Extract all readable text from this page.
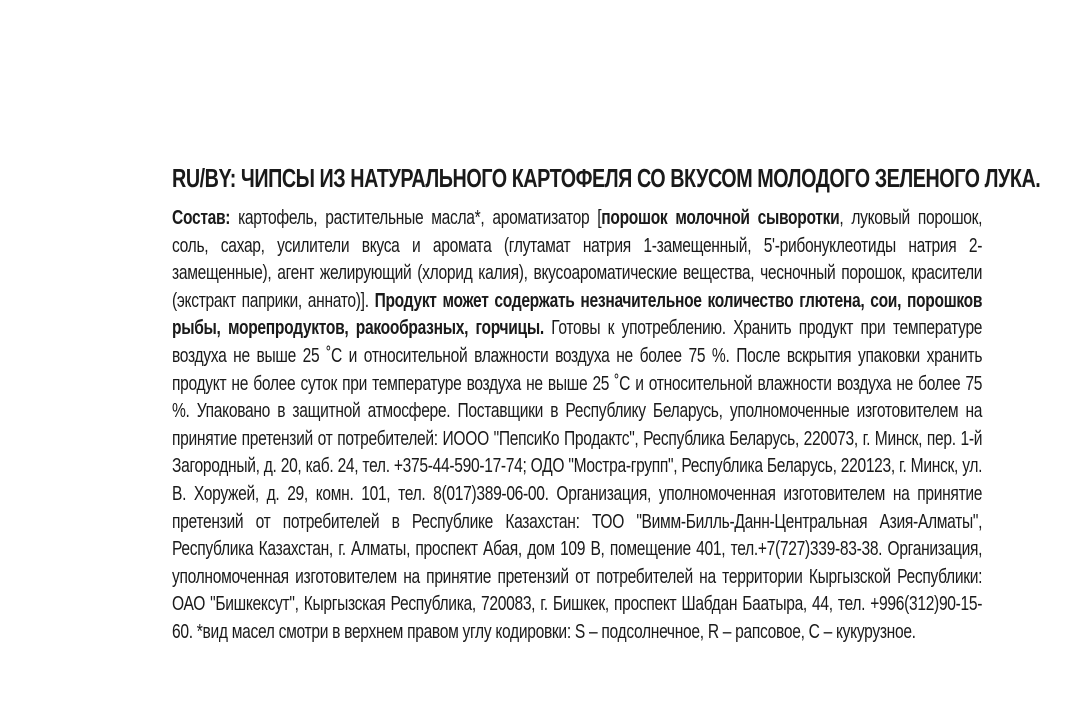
RU/BY: ЧИПСЫ ИЗ НАТУРАЛЬНОГО КАРТОФЕЛЯ СО ВКУСОМ МОЛОДОГО ЗЕЛЕНОГО ЛУКА.
Состав: картофель, растительные масла*, ароматизатор [порошок молочной сыворотки, луковый порошок, соль, сахар, усилители вкуса и аромата (глутамат натрия 1-замещенный, 5'-рибонуклеотиды натрия 2-замещенные), агент желирующий (хлорид калия), вкусоароматические вещества, чесночный порошок, красители (экстракт паприки, аннато)]. Продукт может содержать незначительное количество глютена, сои, порошков рыбы, морепродуктов, ракообразных, горчицы. Готовы к употреблению. Хранить продукт при температуре воздуха не выше 25 ˚С и относительной влажности воздуха не более 75 %. После вскрытия упаковки хранить продукт не более суток при температуре воздуха не выше 25 ˚С и относительной влажности воздуха не более 75 %. Упаковано в защитной атмосфере. Поставщики в Республику Беларусь, уполномоченные изготовителем на принятие претензий от потребителей: ИООО "ПепсиКо Продактс", Республика Беларусь, 220073, г. Минск, пер. 1-й Загородный, д. 20, каб. 24, тел. +375-44-590-17-74; ОДО "Мостра-групп", Республика Беларусь, 220123, г. Минск, ул. В. Хоружей, д. 29, комн. 101, тел. 8(017)389-06-00. Организация, уполномоченная изготовителем на принятие претензий от потребителей в Республике Казахстан: ТОО "Вимм-Билль-Данн-Центральная Азия-Алматы", Республика Казахстан, г. Алматы, проспект Абая, дом 109 В, помещение 401, тел.+7(727)339-83-38. Организация, уполномоченная изготовителем на принятие претензий от потребителей на территории Кыргызской Республики: ОАО "Бишкексут", Кыргызская Республика, 720083, г. Бишкек, проспект Шабдан Баатыра, 44, тел. +996(312)90-15-60. *вид масел смотри в верхнем правом углу кодировки: S – подсолнечное, R – рапсовое, С – кукурузное.
